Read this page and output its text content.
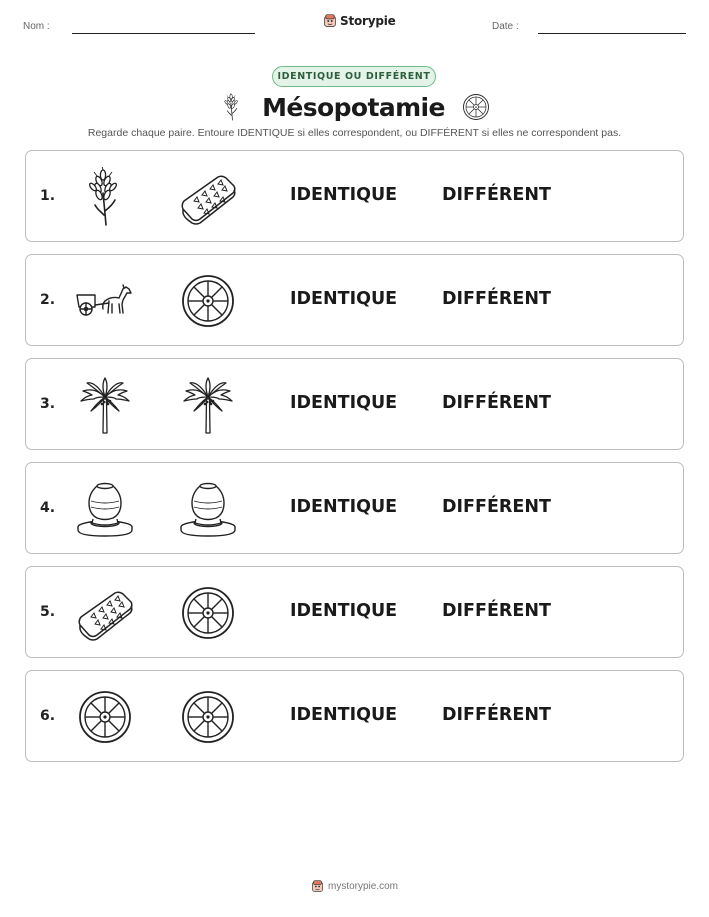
Nom :	Storypie	Date :
IDENTIQUE OU DIFFÉRENT
Mésopotamie
Regarde chaque paire. Entoure IDENTIQUE si elles correspondent, ou DIFFÉRENT si elles ne correspondent pas.
1.	IDENTIQUE	DIFFÉRENT
2.	IDENTIQUE	DIFFÉRENT
3.	IDENTIQUE	DIFFÉRENT
4.	IDENTIQUE	DIFFÉRENT
5.	IDENTIQUE	DIFFÉRENT
6.	IDENTIQUE	DIFFÉRENT
mystorypie.com
